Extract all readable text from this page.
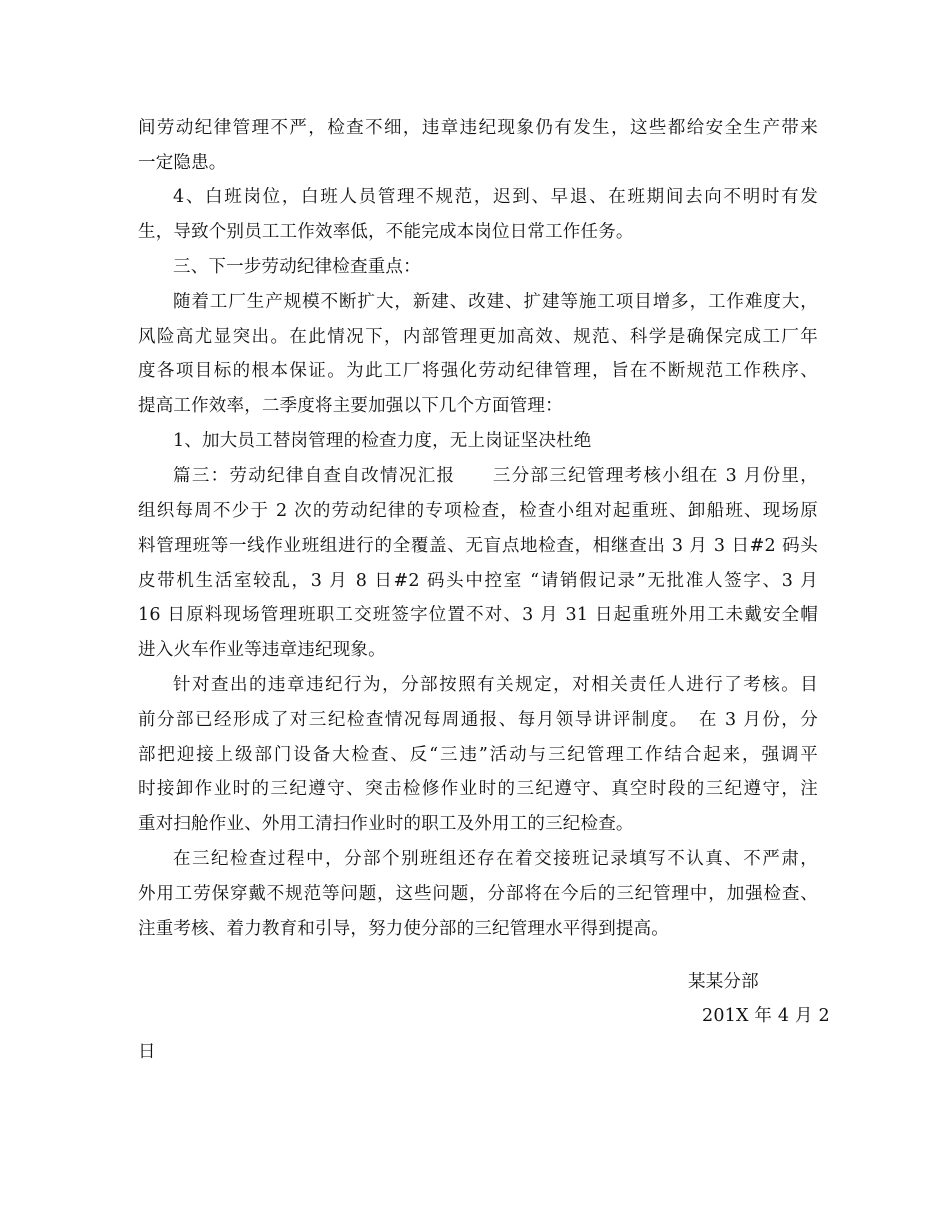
间劳动纪律管理不严，检查不细，违章违纪现象仍有发生，这些都给安全生产带来
一定隐患。
4、白班岗位，白班人员管理不规范，迟到、早退、在班期间去向不明时有发
生，导致个别员工工作效率低，不能完成本岗位日常工作任务。
三、下一步劳动纪律检查重点：
随着工厂生产规模不断扩大，新建、改建、扩建等施工项目增多，工作难度大，
风险高尤显突出。在此情况下，内部管理更加高效、规范、科学是确保完成工厂年
度各项目标的根本保证。为此工厂将强化劳动纪律管理，旨在不断规范工作秩序、
提高工作效率，二季度将主要加强以下几个方面管理：
1、加大员工替岗管理的检查力度，无上岗证坚决杜绝
篇三：劳动纪律自查自改情况汇报　　三分部三纪管理考核小组在 3 月份里，
组织每周不少于 2 次的劳动纪律的专项检查，检查小组对起重班、卸船班、现场原
料管理班等一线作业班组进行的全覆盖、无盲点地检查，相继查出 3 月 3 日#2 码头
皮带机生活室较乱，3 月 8 日#2 码头中控室 “请销假记录”无批准人签字、3 月
16 日原料现场管理班职工交班签字位置不对、3 月 31 日起重班外用工未戴安全帽
进入火车作业等违章违纪现象。
针对查出的违章违纪行为，分部按照有关规定，对相关责任人进行了考核。目
前分部已经形成了对三纪检查情况每周通报、每月领导讲评制度。　在 3 月份，分
部把迎接上级部门设备大检查、反“三违”活动与三纪管理工作结合起来，强调平
时接卸作业时的三纪遵守、突击检修作业时的三纪遵守、真空时段的三纪遵守，注
重对扫舱作业、外用工清扫作业时的职工及外用工的三纪检查。
在三纪检查过程中，分部个别班组还存在着交接班记录填写不认真、不严肃，
外用工劳保穿戴不规范等问题，这些问题，分部将在今后的三纪管理中，加强检查、
注重考核、着力教育和引导，努力使分部的三纪管理水平得到提高。
某某分部
201X 年 4 月 2
日
